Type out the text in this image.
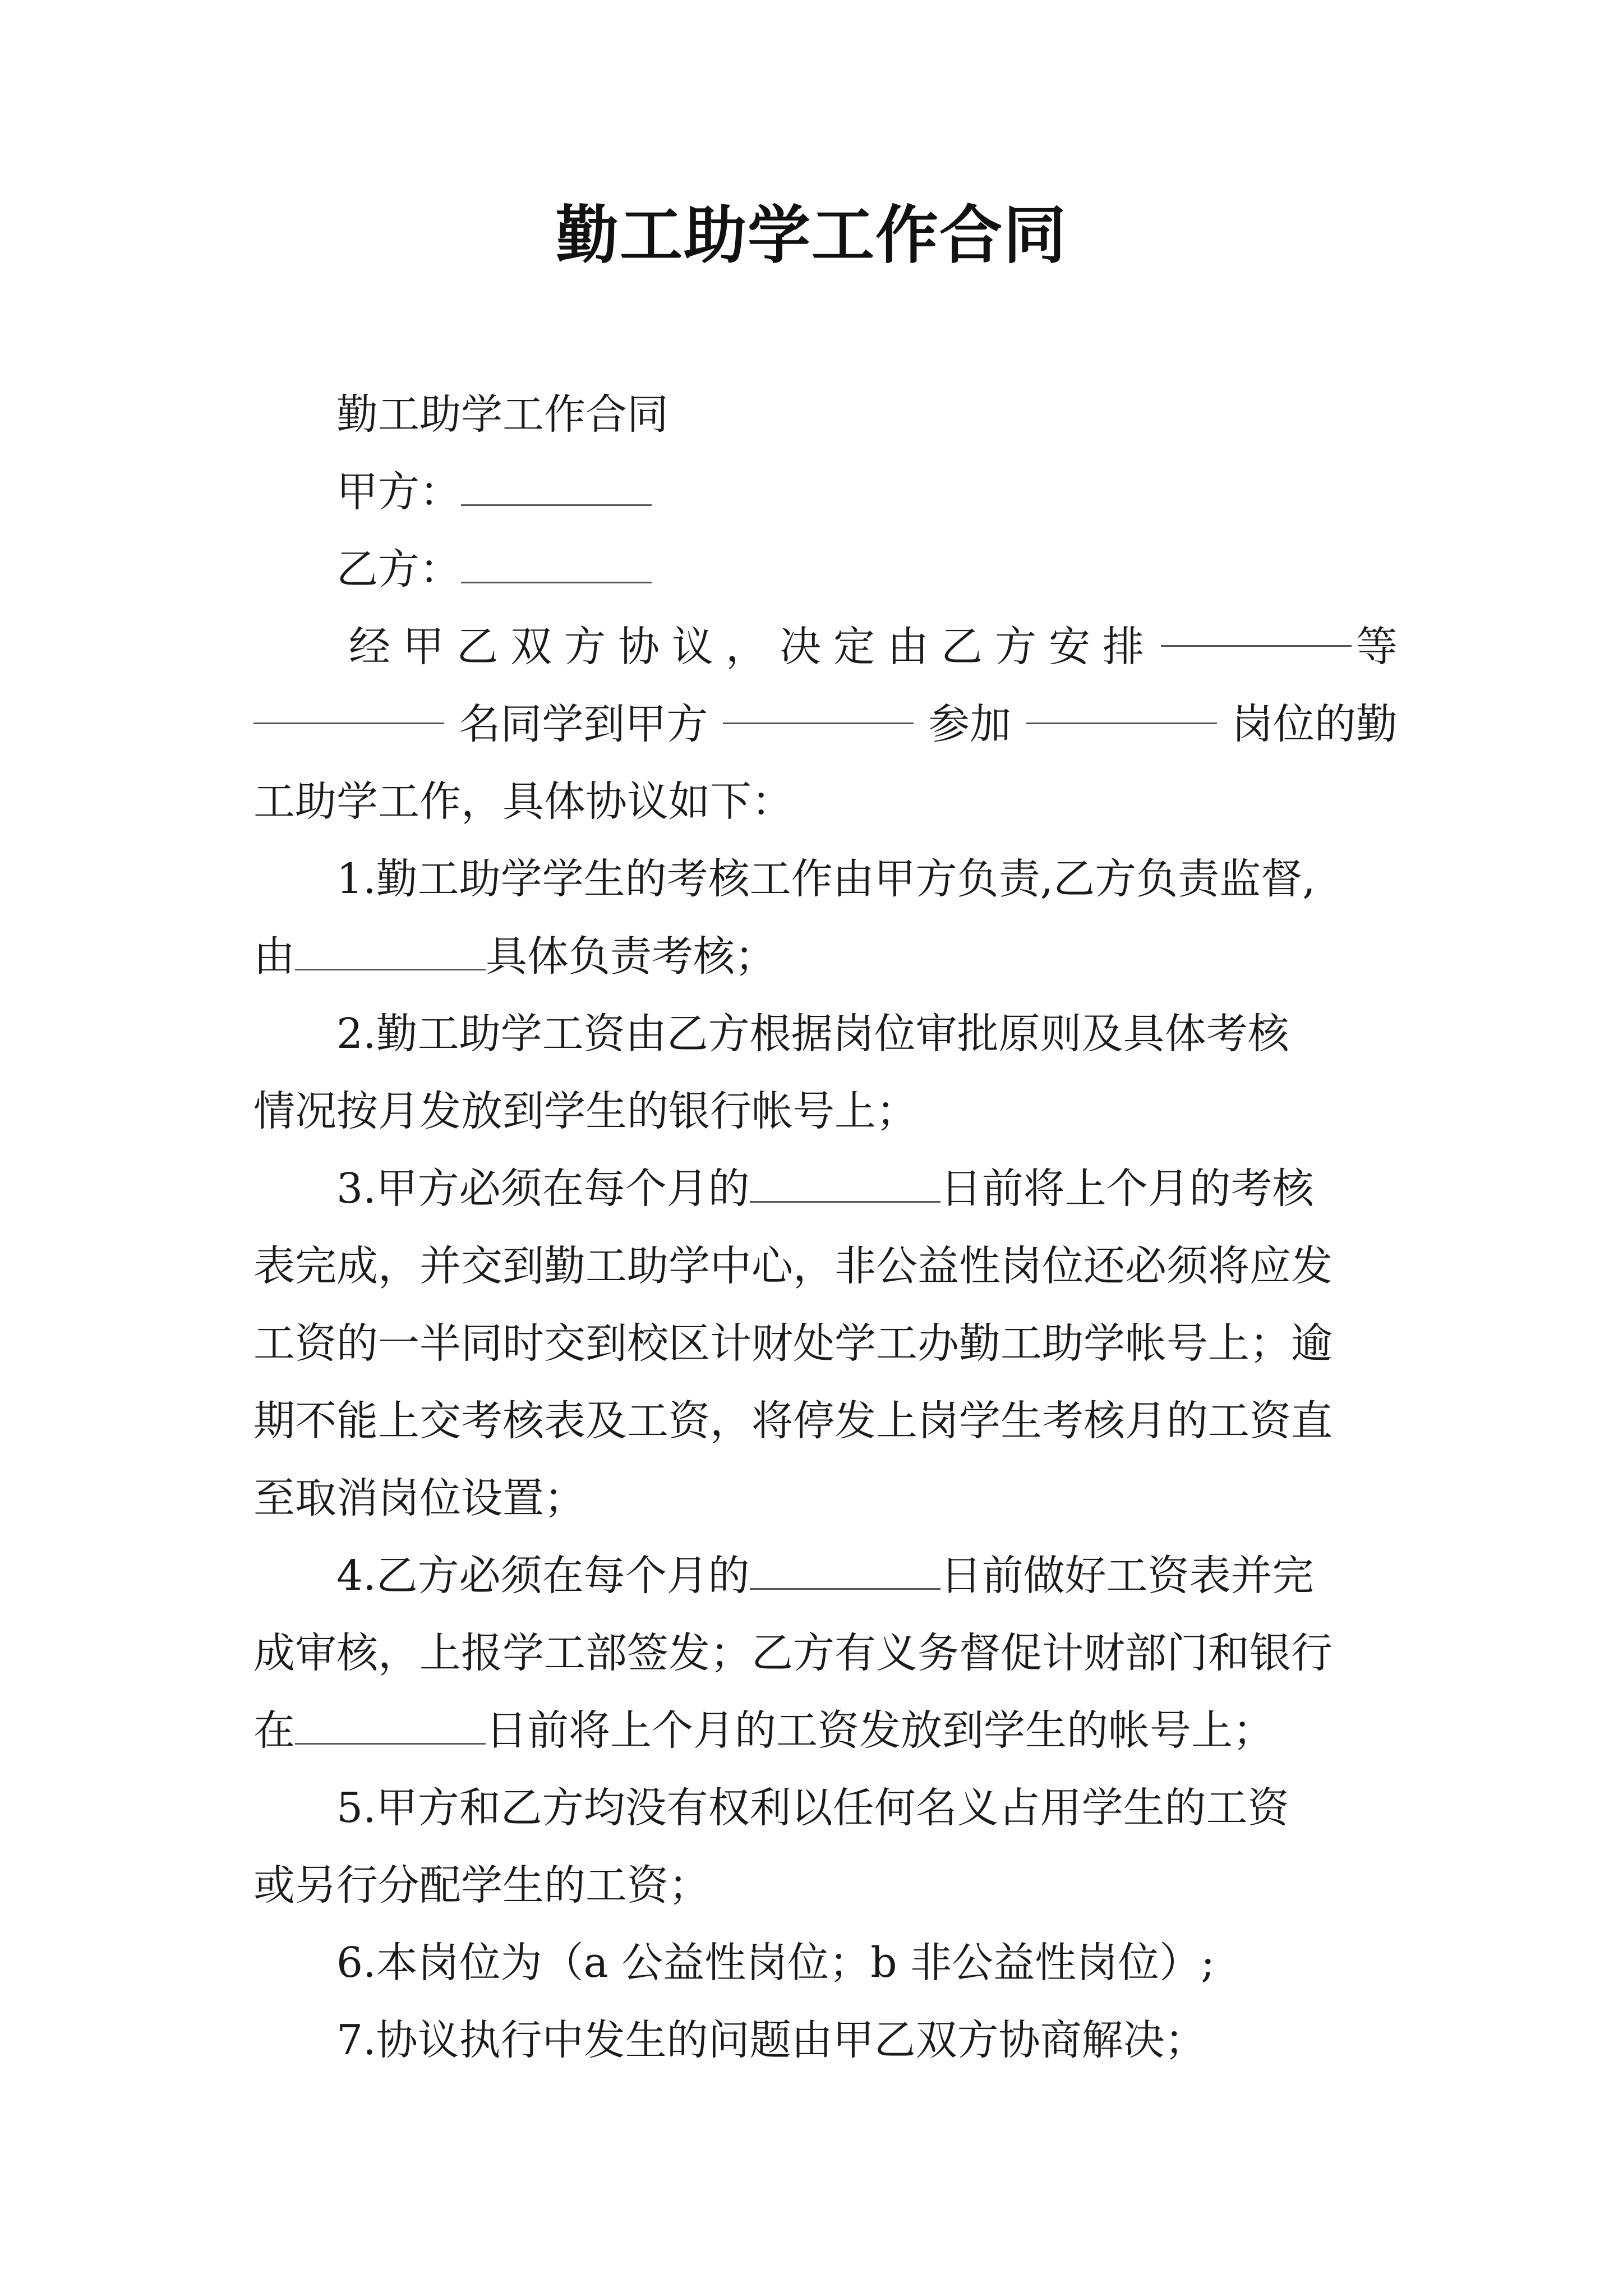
勤工助学工作合同
勤工助学工作合同
甲方：
乙方：
经甲乙双方协议，决定由乙方安排	等
名同学到甲方	参加	岗位的勤
工助学工作，具体协议如下：
1.勤工助学学生的考核工作由甲方负责,乙方负责监督,
由	具体负责考核；
2.勤工助学工资由乙方根据岗位审批原则及具体考核
情况按月发放到学生的银行帐号上；
3.甲方必须在每个月的	日前将上个月的考核
表完成，并交到勤工助学中心，非公益性岗位还必须将应发
工资的一半同时交到校区计财处学工办勤工助学帐号上；逾
期不能上交考核表及工资，将停发上岗学生考核月的工资直
至取消岗位设置；
4.乙方必须在每个月的	日前做好工资表并完
成审核，上报学工部签发；乙方有义务督促计财部门和银行
在	日前将上个月的工资发放到学生的帐号上；
5.甲方和乙方均没有权利以任何名义占用学生的工资
或另行分配学生的工资；
6.本岗位为（a 公益性岗位；b 非公益性岗位）;
7.协议执行中发生的问题由甲乙双方协商解决；
